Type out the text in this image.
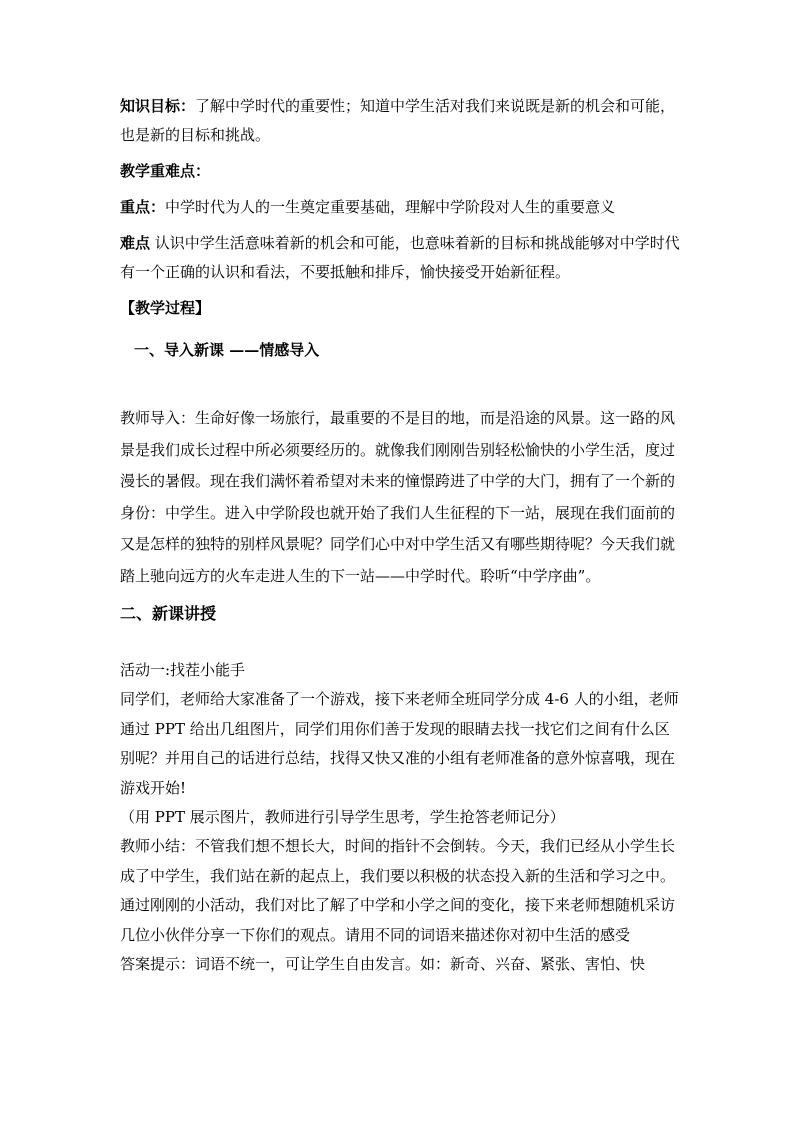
知识目标：了解中学时代的重要性；知道中学生活对我们来说既是新的机会和可能，也是新的目标和挑战。

教学重难点：

重点：中学时代为人的一生奠定重要基础，理解中学阶段对人生的重要意义

难点 认识中学生活意味着新的机会和可能，也意味着新的目标和挑战能够对中学时代有一个正确的认识和看法，不要抵触和排斥，愉快接受开始新征程。

【教学过程】

一、导入新课 ——情感导入

教师导入：生命好像一场旅行，最重要的不是目的地，而是沿途的风景。这一路的风景是我们成长过程中所必须要经历的。就像我们刚刚告别轻松愉快的小学生活，度过漫长的暑假。现在我们满怀着希望对未来的憧憬跨进了中学的大门，拥有了一个新的身份：中学生。进入中学阶段也就开始了我们人生征程的下一站，展现在我们面前的又是怎样的独特的别样风景呢？同学们心中对中学生活又有哪些期待呢？今天我们就踏上驰向远方的火车走进人生的下一站——中学时代。聆听“中学序曲”。

二、新课讲授

活动一:找茬小能手

同学们，老师给大家准备了一个游戏，接下来老师全班同学分成 4-6 人的小组，老师通过 PPT 给出几组图片，同学们用你们善于发现的眼睛去找一找它们之间有什么区别呢？并用自己的话进行总结，找得又快又准的小组有老师准备的意外惊喜哦，现在游戏开始!

（用 PPT 展示图片，教师进行引导学生思考，学生抢答老师记分）

教师小结：不管我们想不想长大，时间的指针不会倒转。今天，我们已经从小学生长成了中学生，我们站在新的起点上，我们要以积极的状态投入新的生活和学习之中。通过刚刚的小活动，我们对比了解了中学和小学之间的变化，接下来老师想随机采访几位小伙伴分享一下你们的观点。请用不同的词语来描述你对初中生活的感受

答案提示：词语不统一，可让学生自由发言。如：新奇、兴奋、紧张、害怕、快
